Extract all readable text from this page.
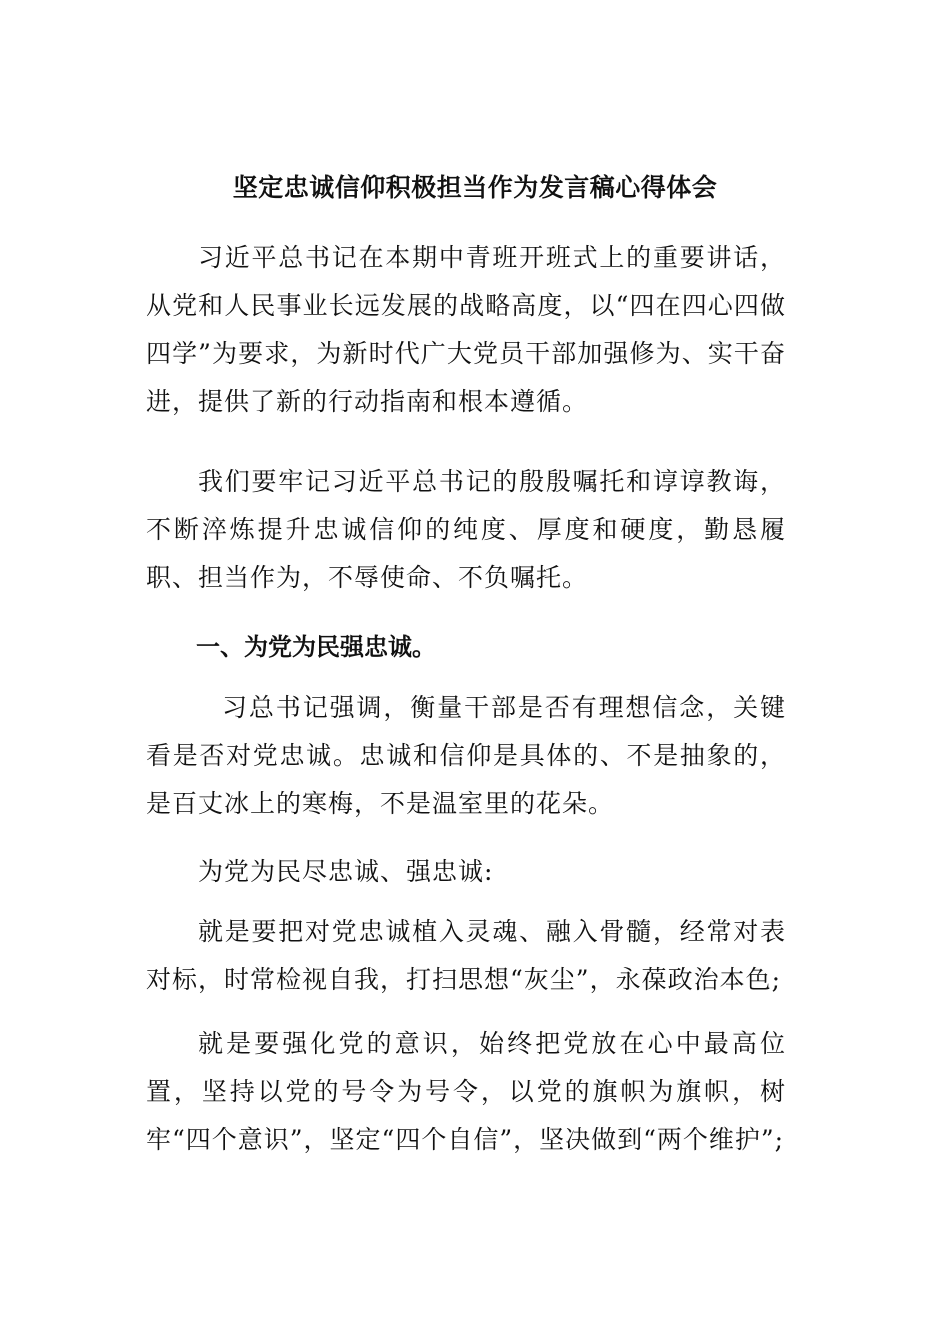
坚定忠诚信仰积极担当作为发言稿心得体会

习近平总书记在本期中青班开班式上的重要讲话，从党和人民事业长远发展的战略高度，以“四在四心四做四学”为要求，为新时代广大党员干部加强修为、实干奋进，提供了新的行动指南和根本遵循。

我们要牢记习近平总书记的殷殷嘱托和谆谆教诲，不断淬炼提升忠诚信仰的纯度、厚度和硬度，勤恳履职、担当作为，不辱使命、不负嘱托。

一、为党为民强忠诚。

习总书记强调，衡量干部是否有理想信念，关键看是否对党忠诚。忠诚和信仰是具体的、不是抽象的，是百丈冰上的寒梅，不是温室里的花朵。

为党为民尽忠诚、强忠诚:

就是要把对党忠诚植入灵魂、融入骨髓，经常对表对标，时常检视自我，打扫思想“灰尘”，永葆政治本色;

就是要强化党的意识，始终把党放在心中最高位置，坚持以党的号令为号令，以党的旗帜为旗帜，树牢“四个意识”，坚定“四个自信”，坚决做到“两个维护”;
